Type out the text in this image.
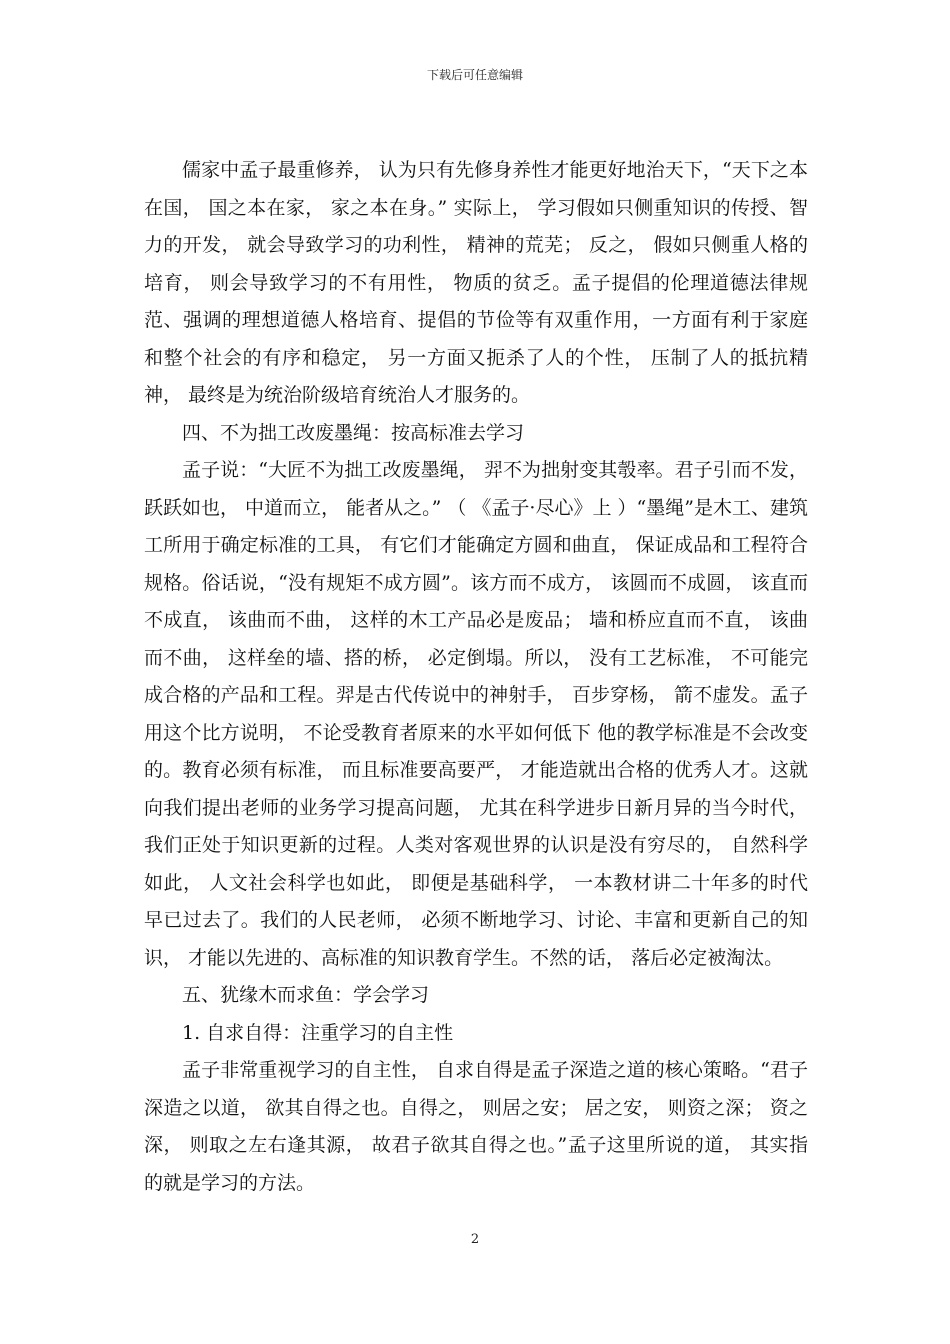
下载后可任意编辑

儒家中孟子最重修养， 认为只有先修身养性才能更好地治天下，“天下之本在国， 国之本在家， 家之本在身。” 实际上， 学习假如只侧重知识的传授、智力的开发， 就会导致学习的功利性， 精神的荒芜； 反之， 假如只侧重人格的培育， 则会导致学习的不有用性， 物质的贫乏。孟子提倡的伦理道德法律规范、强调的理想道德人格培育、提倡的节俭等有双重作用，一方面有利于家庭和整个社会的有序和稳定， 另一方面又扼杀了人的个性， 压制了人的抵抗精神， 最终是为统治阶级培育统治人才服务的。

四、不为拙工改废墨绳：按高标准去学习

孟子说：“大匠不为拙工改废墨绳， 羿不为拙射变其彀率。君子引而不发， 跃跃如也， 中道而立， 能者从之。” （ 《孟子·尽心》上 ）“墨绳”是木工、建筑工所用于确定标准的工具， 有它们才能确定方圆和曲直， 保证成品和工程符合规格。俗话说，“没有规矩不成方圆”。该方而不成方， 该圆而不成圆， 该直而不成直， 该曲而不曲， 这样的木工产品必是废品； 墙和桥应直而不直， 该曲而不曲， 这样垒的墙、搭的桥， 必定倒塌。所以， 没有工艺标准， 不可能完成合格的产品和工程。羿是古代传说中的神射手， 百步穿杨， 箭不虚发。孟子用这个比方说明， 不论受教育者原来的水平如何低下 他的教学标准是不会改变的。教育必须有标准， 而且标准要高要严， 才能造就出合格的优秀人才。这就向我们提出老师的业务学习提高问题， 尤其在科学进步日新月异的当今时代，我们正处于知识更新的过程。人类对客观世界的认识是没有穷尽的， 自然科学如此， 人文社会科学也如此， 即便是基础科学， 一本教材讲二十年多的时代早已过去了。我们的人民老师， 必须不断地学习、讨论、丰富和更新自己的知识， 才能以先进的、高标准的知识教育学生。不然的话， 落后必定被淘汰。

五、犹缘木而求鱼：学会学习

1. 自求自得：注重学习的自主性

孟子非常重视学习的自主性， 自求自得是孟子深造之道的核心策略。“君子深造之以道， 欲其自得之也。自得之， 则居之安； 居之安， 则资之深； 资之深， 则取之左右逢其源， 故君子欲其自得之也。”孟子这里所说的道， 其实指的就是学习的方法。

2
